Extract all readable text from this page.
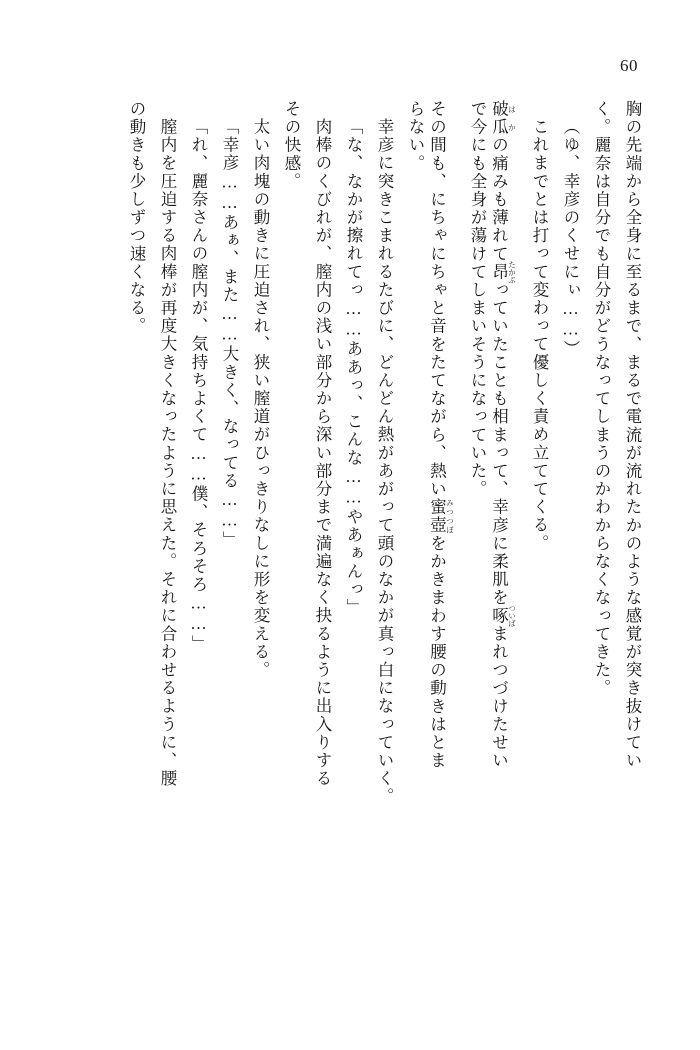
60
胸の先端から全身に至るまで、まるで電流が流れたかのような感覚が突き抜けてい
く。麗奈は自分でも自分がどうなってしまうのかわからなくなってきた。
（ゆ、幸彦のくせにぃ……）
これまでとは打って変わって優しく責め立ててくる。
破瓜 はかの痛みも薄れて昂 たかぶっていたことも相まって、幸彦に柔肌を啄 ついばまれつづけたせい
で今にも全身が蕩けてしまいそうになっていた。
その間も、にちゃにちゃと音をたてながら、熱い蜜壺 みつつぼをかきまわす腰の動きはとま
らない。
幸彦に突きこまれるたびに、どんどん熱があがって頭のなかが真っ白になっていく。
「な、なかが擦れてっ……ああっ、こんな……やあぁんっ」
肉棒のくびれが、膣内の浅い部分から深い部分まで満遍なく抉るように出入りする
その快感。
太い肉塊の動きに圧迫され、狭い膣道がひっきりなしに形を変える。
「幸彦……あぁ、また……大きく、なってる……」
「れ、麗奈さんの膣内が、気持ちよくて……僕、そろそろ……」
膣内を圧迫する肉棒が再度大きくなったように思えた。それに合わせるように、腰
の動きも少しずつ速くなる。
